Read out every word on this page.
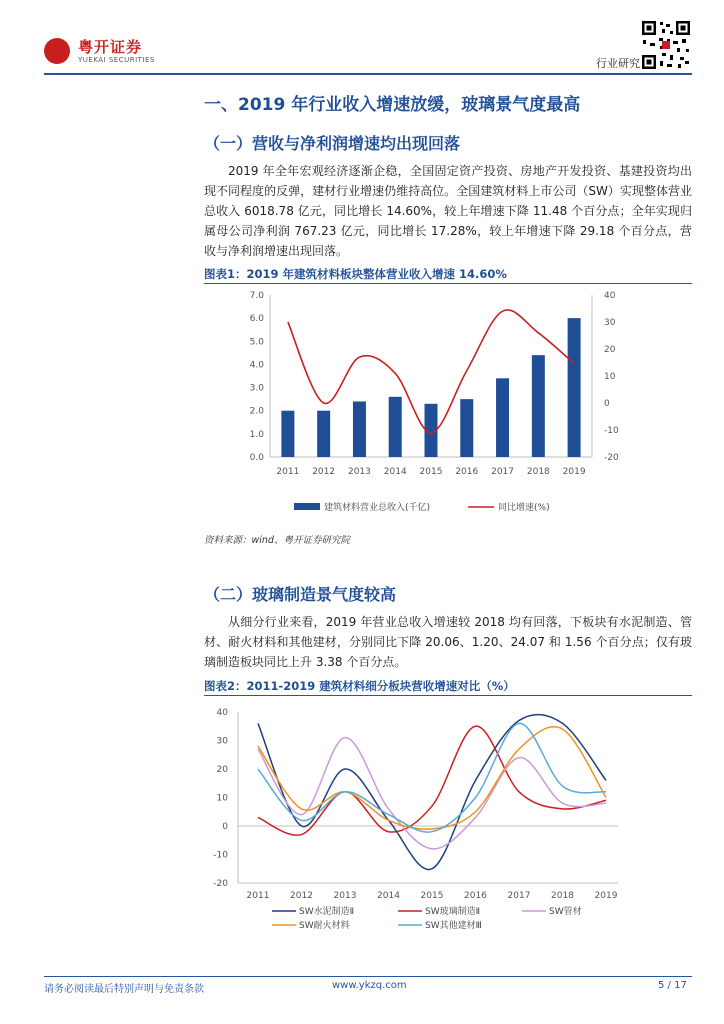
粤开证券
YUEKAI SECURITIES	行业研究
一、2019 年行业收入增速放缓，玻璃景气度最高
（一）营收与净利润增速均出现回落
2019 年全年宏观经济逐渐企稳，全国固定资产投资、房地产开发投资、基建投资均出现不同程度的反弹，建材行业增速仍维持高位。全国建筑材料上市公司（SW）实现整体营业总收入 6018.78 亿元，同比增长 14.60%，较上年增速下降 11.48 个百分点；全年实现归属母公司净利润 767.23 亿元，同比增长 17.28%，较上年增速下降 29.18 个百分点，营收与净利润增速出现回落。
图表1：2019 年建筑材料板块整体营业收入增速 14.60%
0.0
1.0
2.0
3.0
4.0
5.0
6.0
7.0
-20
-10
0
10
20
30
40
2011 2012 2013 2014 2015 2016 2017 2018 2019
建筑材料营业总收入(千亿)	同比增速(%)
资料来源：wind、粤开证券研究院
（二）玻璃制造景气度较高
从细分行业来看，2019 年营业总收入增速较 2018 均有回落，下板块有水泥制造、管材、耐火材料和其他建材，分别同比下降 20.06、1.20、24.07 和 1.56 个百分点；仅有玻璃制造板块同比上升 3.38 个百分点。
图表2：2011-2019 建筑材料细分板块营收增速对比（%）
-20
-10
0
10
20
30
40
2011 2012 2013 2014 2015 2016 2017 2018 2019
SW水泥制造Ⅱ	SW玻璃制造Ⅱ	SW管材
SW耐火材料	SW其他建材Ⅲ
请务必阅读最后特别声明与免责条款	www.ykzq.com	5 / 17
